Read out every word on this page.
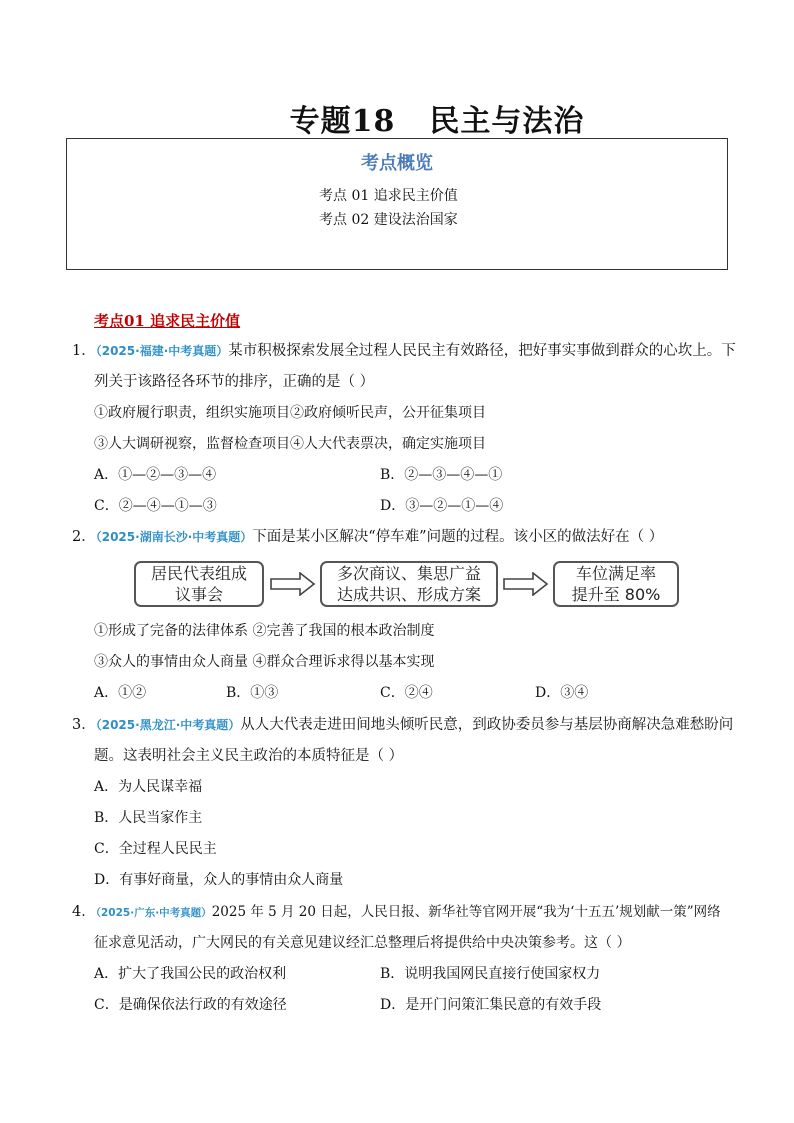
专题18 民主与法治
考点概览
考点 01 追求民主价值
考点 02 建设法治国家
考点01 追求民主价值
1．（2025·福建·中考真题）某市积极探索发展全过程人民民主有效路径，把好事实事做到群众的心坎上。下
列关于该路径各环节的排序，正确的是（ ）
①政府履行职责，组织实施项目②政府倾听民声，公开征集项目
③人大调研视察，监督检查项目④人大代表票决，确定实施项目
A．①—②—③—④	B．②—③—④—①
C．②—④—①—③	D．③—②—①—④
2．（2025·湖南长沙·中考真题）下面是某小区解决“停车难”问题的过程。该小区的做法好在（ ）
居民代表组成
议事会
多次商议、集思广益
达成共识、形成方案
车位满足率
提升至 80%
①形成了完备的法律体系 ②完善了我国的根本政治制度
③众人的事情由众人商量 ④群众合理诉求得以基本实现
A．①②	B．①③	C．②④	D．③④
3．（2025·黑龙江·中考真题）从人大代表走进田间地头倾听民意，到政协委员参与基层协商解决急难愁盼问
题。这表明社会主义民主政治的本质特征是（ ）
A．为人民谋幸福
B．人民当家作主
C．全过程人民民主
D．有事好商量，众人的事情由众人商量
4．（2025·广东·中考真题）2025 年 5 月 20 日起，人民日报、新华社等官网开展“我为‘十五五’规划献一策”网络
征求意见活动，广大网民的有关意见建议经汇总整理后将提供给中央决策参考。这（ ）
A．扩大了我国公民的政治权利	B．说明我国网民直接行使国家权力
C．是确保依法行政的有效途径	D．是开门问策汇集民意的有效手段
